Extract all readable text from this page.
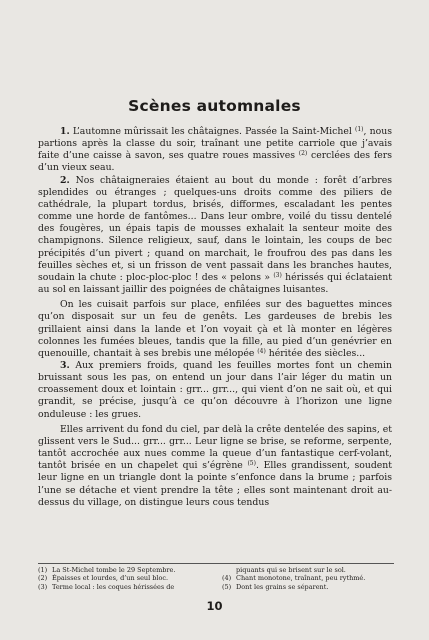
Scènes automnales

1. L’automne mûrissait les châtaignes. Passée la Saint-Michel $^{(1)}$, nous partions après la classe du soir, traînant une petite carriole que j’avais faite d’une caisse à savon, ses quatre roues massives $^{(2)}$ cerclées des fers d’un vieux seau.

2. Nos châtaigneraies étaient au bout du monde : forêt d’arbres splendides ou étranges ; quelques-uns droits comme des piliers de cathédrale, la plupart tordus, brisés, difformes, escaladant les pentes comme une horde de fantômes... Dans leur ombre, voilé du tissu dentelé des fougères, un épais tapis de mousses exhalait la senteur moite des champignons. Silence religieux, sauf, dans le lointain, les coups de bec précipités d’un pivert ; quand on marchait, le froufrou des pas dans les feuilles sèches et, si un frisson de vent passait dans les branches hautes, soudain la chute : ploc-ploc-ploc ! des « pelons » $^{(3)}$ hérissés qui éclataient au sol en laissant jaillir des poignées de châtaignes luisantes.

On les cuisait parfois sur place, enfilées sur des baguettes minces qu’on disposait sur un feu de genêts. Les gardeuses de brebis les grillaient ainsi dans la lande et l’on voyait çà et là monter en légères colonnes les fumées bleues, tandis que la fille, au pied d’un genévrier en quenouille, chantait à ses brebis une mélopée $^{(4)}$ héritée des siècles...

3. Aux premiers froids, quand les feuilles mortes font un chemin bruissant sous les pas, on entend un jour dans l’air léger du matin un croassement doux et lointain : grr... grr..., qui vient d’on ne sait où, et qui grandit, se précise, jusqu’à ce qu’on découvre à l’horizon une ligne onduleuse : les grues.

Elles arrivent du fond du ciel, par delà la crête dentelée des sapins, et glissent vers le Sud... grr... grr... Leur ligne se brise, se reforme, serpente, tantôt accrochée aux nues comme la queue d’un fantastique cerf-volant, tantôt brisée en un chapelet qui s’égrène $^{(5)}$. Elles grandissent, soudent leur ligne en un triangle dont la pointe s’enfonce dans la brume ; parfois l’une se détache et vient prendre la tête ; elles sont maintenant droit au-dessus du village, on distingue leurs cous tendus

(1) La St-Michel tombe le 29 Septembre.
(2) Épaisses et lourdes, d’un seul bloc.
(3) Terme local : les coques hérissées de
piquants qui se brisent sur le sol.
(4) Chant monotone, traînant, peu rythmé.
(5) Dont les grains se séparent.
10
